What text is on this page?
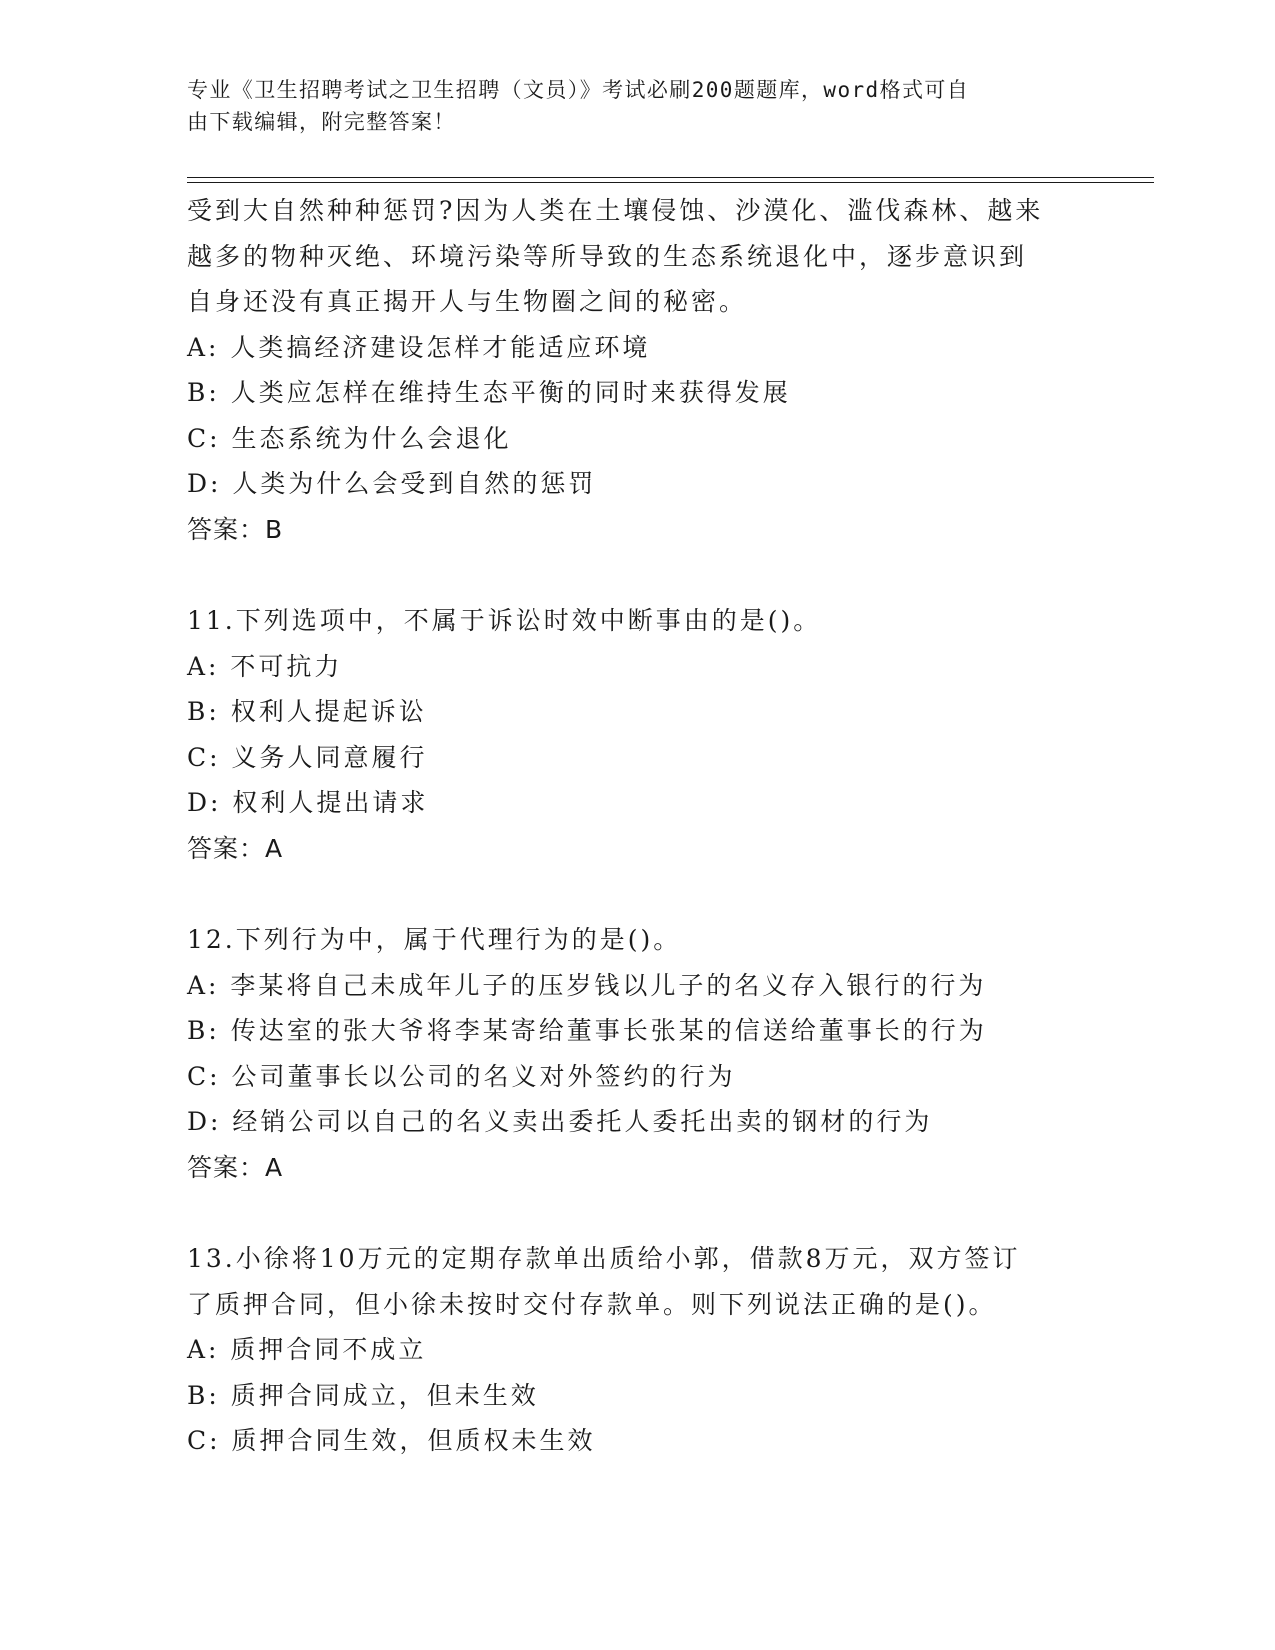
专业《卫生招聘考试之卫生招聘（文员）》考试必刷200题题库，word格式可自
由下载编辑，附完整答案！
受到大自然种种惩罚?因为人类在土壤侵蚀、沙漠化、滥伐森林、越来
越多的物种灭绝、环境污染等所导致的生态系统退化中，逐步意识到
自身还没有真正揭开人与生物圈之间的秘密。
A: 人类搞经济建设怎样才能适应环境
B: 人类应怎样在维持生态平衡的同时来获得发展
C: 生态系统为什么会退化
D: 人类为什么会受到自然的惩罚
答案：B
11.下列选项中，不属于诉讼时效中断事由的是()。
A: 不可抗力
B: 权利人提起诉讼
C: 义务人同意履行
D: 权利人提出请求
答案：A
12.下列行为中，属于代理行为的是()。
A: 李某将自己未成年儿子的压岁钱以儿子的名义存入银行的行为
B: 传达室的张大爷将李某寄给董事长张某的信送给董事长的行为
C: 公司董事长以公司的名义对外签约的行为
D: 经销公司以自己的名义卖出委托人委托出卖的钢材的行为
答案：A
13.小徐将10万元的定期存款单出质给小郭，借款8万元，双方签订
了质押合同，但小徐未按时交付存款单。则下列说法正确的是()。
A: 质押合同不成立
B: 质押合同成立，但未生效
C: 质押合同生效，但质权未生效
